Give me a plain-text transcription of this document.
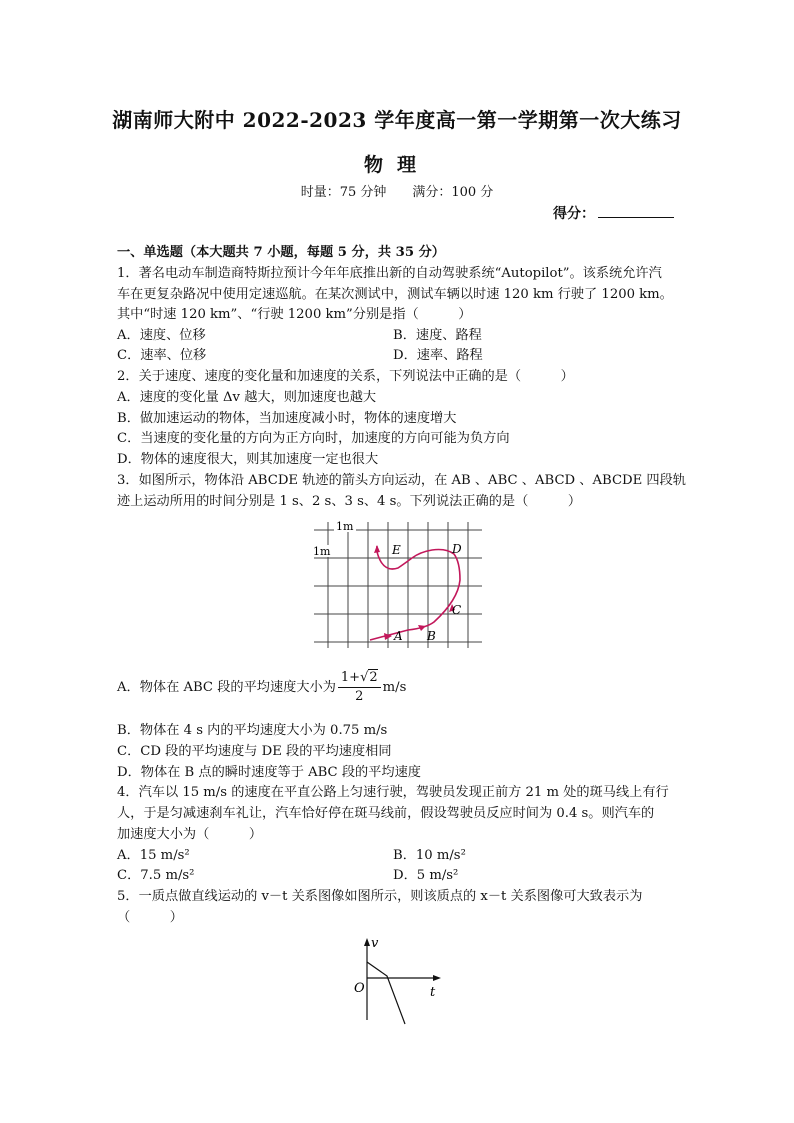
湖南师大附中 2022-2023 学年度高一第一学期第一次大练习
物理
时量：75 分钟　　满分：100 分
得分：
一、单选题（本大题共 7 小题，每题 5 分，共 35 分）
1．著名电动车制造商特斯拉预计今年年底推出新的自动驾驶系统“Autopilot”。该系统允许汽
车在更复杂路况中使用定速巡航。在某次测试中，测试车辆以时速 120 km 行驶了 1200 km。
其中“时速 120 km”、“行驶 1200 km”分别是指（　　　）
A．速度、位移	B．速度、路程
C．速率、位移	D．速率、路程
2．关于速度、速度的变化量和加速度的关系，下列说法中正确的是（　　　）
A．速度的变化量 Δv 越大，则加速度也越大
B．做加速运动的物体，当加速度减小时，物体的速度增大
C．当速度的变化量的方向为正方向时，加速度的方向可能为负方向
D．物体的速度很大，则其加速度一定也很大
3．如图所示，物体沿 ABCDE 轨迹的箭头方向运动，在 AB 、ABC 、ABCD 、ABCDE 四段轨
迹上运动所用的时间分别是 1 s、2 s、3 s、4 s。下列说法正确的是（　　　）
1m
1m
A B
C
D
E
A．物体在 ABC 段的平均速度大小为 $\frac{1+√2}{2} m/s$
B．物体在 4 s 内的平均速度大小为 0.75 m/s
C．CD 段的平均速度与 DE 段的平均速度相同
D．物体在 B 点的瞬时速度等于 ABC 段的平均速度
4．汽车以 15 m/s 的速度在平直公路上匀速行驶，驾驶员发现正前方 21 m 处的斑马线上有行
人，于是匀减速刹车礼让，汽车恰好停在斑马线前，假设驾驶员反应时间为 0.4 s。则汽车的
加速度大小为（　　　）
A．15 m/s²	B．10 m/s²
C．7.5 m/s²	D．5 m/s²
5．一质点做直线运动的 v－t 关系图像如图所示，则该质点的 x－t 关系图像可大致表示为
（　　　）
v
t
O
